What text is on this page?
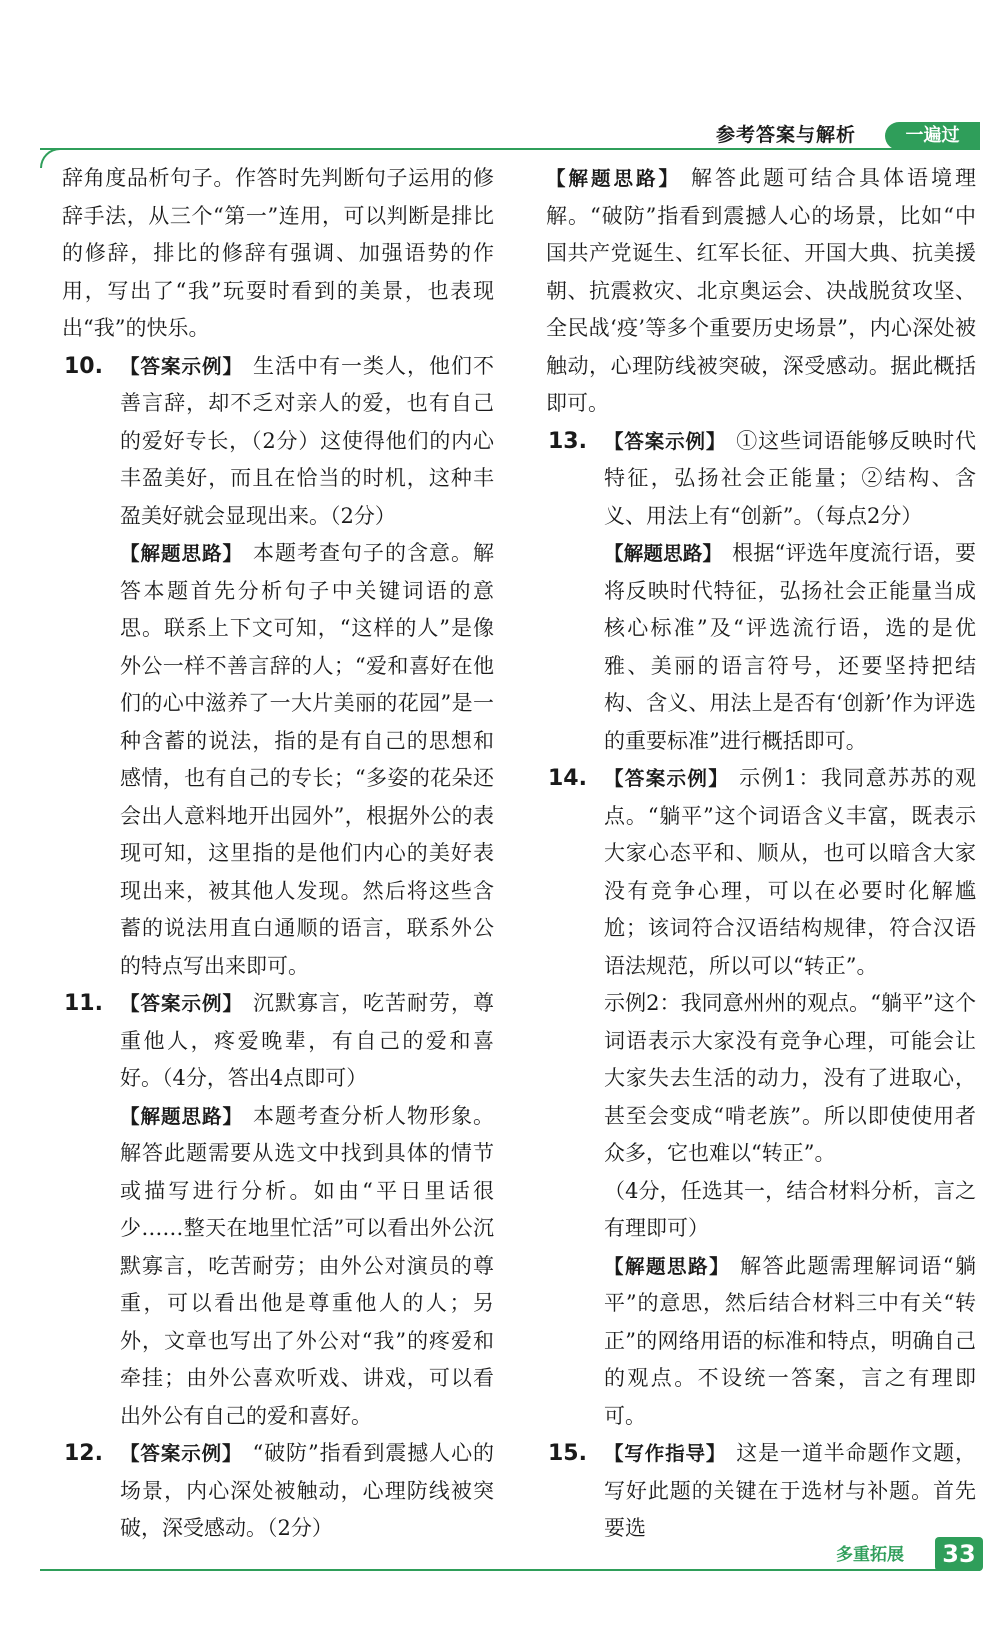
参考答案与解析	一遍过

辞角度品析句子。作答时先判断句子运用的修辞手法，从三个“第一”连用，可以判断是排比的修辞，排比的修辞有强调、加强语势的作用，写出了“我”玩耍时看到的美景，也表现出“我”的快乐。

10. 【答案示例】 生活中有一类人，他们不善言辞，却不乏对亲人的爱，也有自己的爱好专长，（2分）这使得他们的内心丰盈美好，而且在恰当的时机，这种丰盈美好就会显现出来。（2分）

【解题思路】 本题考查句子的含意。解答本题首先分析句子中关键词语的意思。联系上下文可知，“这样的人”是像外公一样不善言辞的人；“爱和喜好在他们的心中滋养了一大片美丽的花园”是一种含蓄的说法，指的是有自己的思想和感情，也有自己的专长；“多姿的花朵还会出人意料地开出园外”，根据外公的表现可知，这里指的是他们内心的美好表现出来，被其他人发现。然后将这些含蓄的说法用直白通顺的语言，联系外公的特点写出来即可。

11. 【答案示例】 沉默寡言，吃苦耐劳，尊重他人，疼爱晚辈，有自己的爱和喜好。（4分，答出4点即可）

【解题思路】 本题考查分析人物形象。解答此题需要从选文中找到具体的情节或描写进行分析。如由“平日里话很少……整天在地里忙活”可以看出外公沉默寡言，吃苦耐劳；由外公对演员的尊重，可以看出他是尊重他人的人；另外，文章也写出了外公对“我”的疼爱和牵挂；由外公喜欢听戏、讲戏，可以看出外公有自己的爱和喜好。

12. 【答案示例】 “破防”指看到震撼人心的场景，内心深处被触动，心理防线被突破，深受感动。（2分）

【解题思路】 解答此题可结合具体语境理解。“破防”指看到震撼人心的场景，比如“中国共产党诞生、红军长征、开国大典、抗美援朝、抗震救灾、北京奥运会、决战脱贫攻坚、全民战‘疫’等多个重要历史场景”，内心深处被触动，心理防线被突破，深受感动。据此概括即可。

13. 【答案示例】 ①这些词语能够反映时代特征，弘扬社会正能量；②结构、含义、用法上有“创新”。（每点2分）

【解题思路】 根据“评选年度流行语，要将反映时代特征，弘扬社会正能量当成核心标准”及“评选流行语，选的是优雅、美丽的语言符号，还要坚持把结构、含义、用法上是否有‘创新’作为评选的重要标准”进行概括即可。

14. 【答案示例】 示例1：我同意苏苏的观点。“躺平”这个词语含义丰富，既表示大家心态平和、顺从，也可以暗含大家没有竞争心理，可以在必要时化解尴尬；该词符合汉语结构规律，符合汉语语法规范，所以可以“转正”。

示例2：我同意州州的观点。“躺平”这个词语表示大家没有竞争心理，可能会让大家失去生活的动力，没有了进取心，甚至会变成“啃老族”。所以即使使用者众多，它也难以“转正”。

（4分，任选其一，结合材料分析，言之有理即可）

【解题思路】 解答此题需理解词语“躺平”的意思，然后结合材料三中有关“转正”的网络用语的标准和特点，明确自己的观点。不设统一答案，言之有理即可。

15. 【写作指导】 这是一道半命题作文题，写好此题的关键在于选材与补题。首先要选

多重拓展	33
